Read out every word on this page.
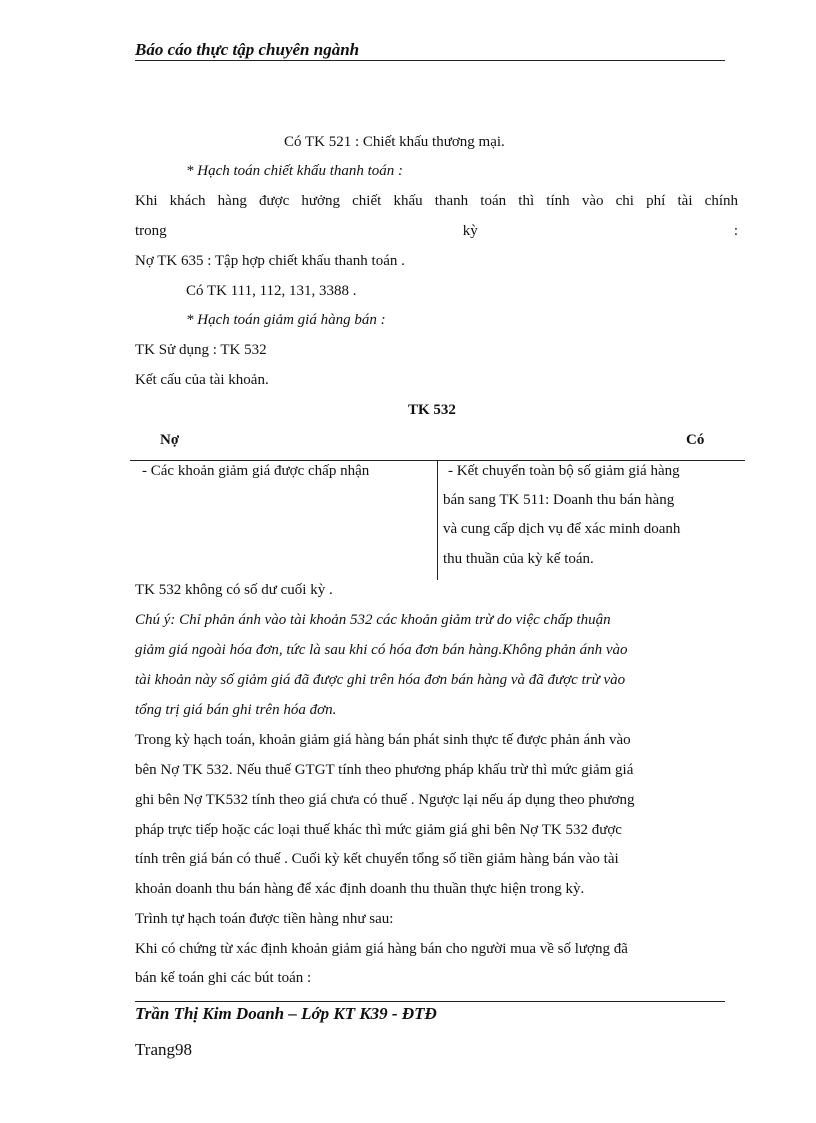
Báo cáo thực tập chuyên ngành
Có TK 521 : Chiết khấu thương mại.
* Hạch toán chiết khấu thanh toán :
Khi khách hàng được hưởng chiết khấu thanh toán thì tính vào chi phí tài chính
trong	kỳ	:
Nợ TK 635 : Tập hợp chiết khấu thanh toán .
Có TK 111, 112, 131, 3388 .
* Hạch toán giảm giá hàng bán :
TK Sử dụng : TK 532
Kết cấu của tài khoản.
TK 532
Nợ	Có
- Các khoản giảm giá được chấp nhận	- Kết chuyển toàn bộ số giảm giá hàng
bán sang TK 511: Doanh thu bán hàng
và cung cấp dịch vụ để xác minh doanh
thu thuần của kỳ kế toán.
TK 532 không có số dư cuối kỳ .
Chú ý: Chỉ phản ánh vào tài khoản 532 các khoản giảm trừ do việc chấp thuận
giảm giá ngoài hóa đơn, tức là sau khi có hóa đơn bán hàng.Không phản ánh vào
tài khoản này số giảm giá đã được ghi trên hóa đơn bán hàng và đã được trừ vào
tổng trị giá bán ghi trên hóa đơn.
Trong kỳ hạch toán, khoản giảm giá hàng bán phát sinh thực tế được phản ánh vào
bên Nợ TK 532. Nếu thuế GTGT tính theo phương pháp khấu trừ thì mức giảm giá
ghi bên Nợ TK532 tính theo giá chưa có thuế . Ngược lại nếu áp dụng theo phương
pháp trực tiếp hoặc các loại thuế khác thì mức giảm giá ghi bên Nợ TK 532 được
tính trên giá bán có thuế . Cuối kỳ kết chuyển tổng số tiền giảm hàng bán vào tài
khoản doanh thu bán hàng để xác định doanh thu thuần thực hiện trong kỳ.
Trình tự hạch toán được tiền hàng như sau:
Khi có chứng từ xác định khoản giảm giá hàng bán cho người mua về số lượng đã
bán kế toán ghi các bút toán :
Trần Thị Kim Doanh – Lớp KT K39 - ĐTĐ
Trang98
